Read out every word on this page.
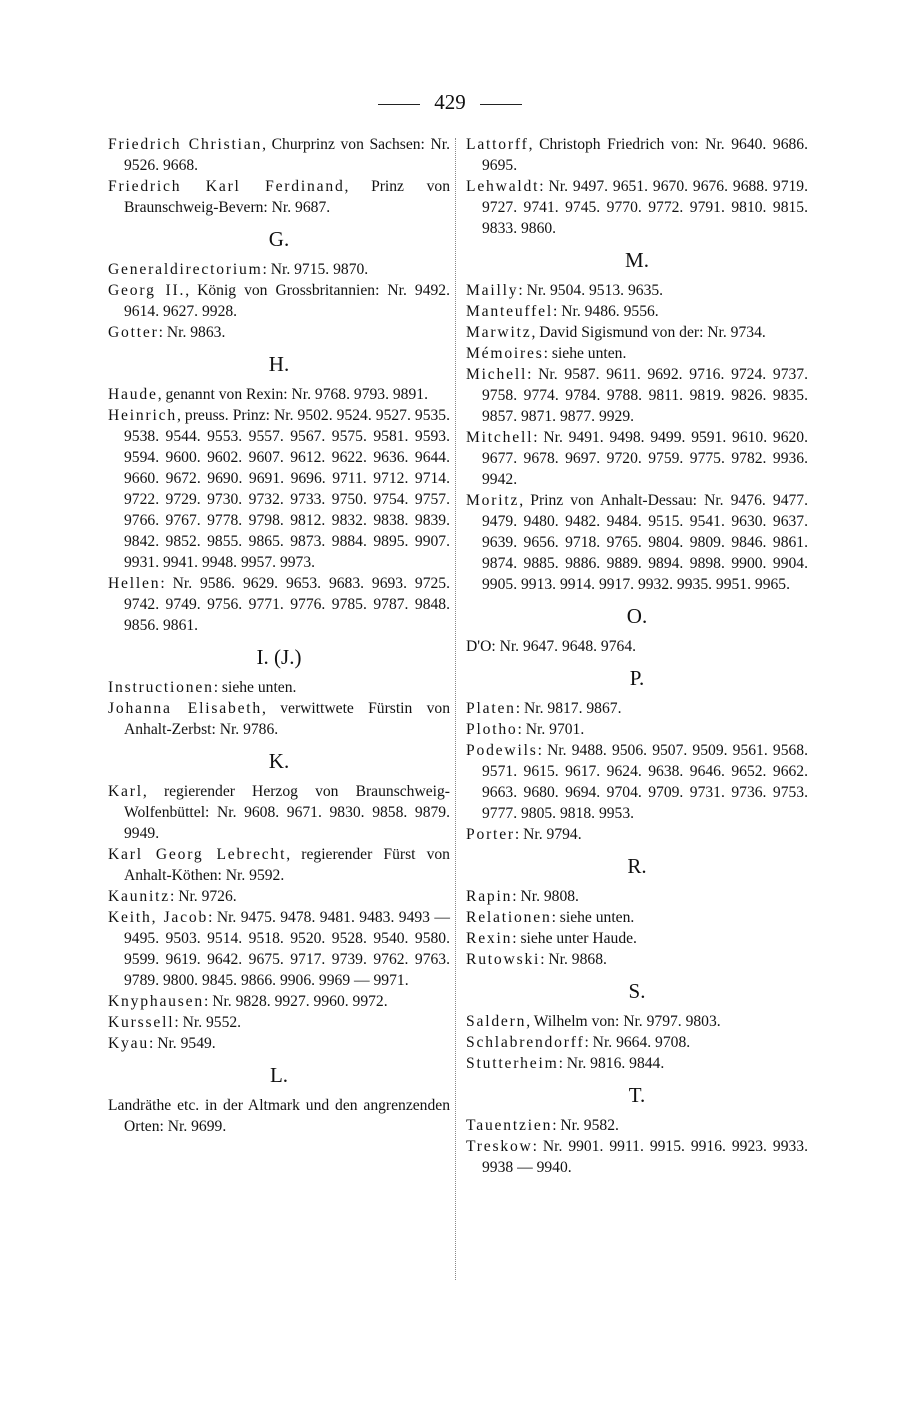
429
Friedrich Christian, Churprinz von Sachsen: Nr. 9526. 9668.
Friedrich Karl Ferdinand, Prinz von Braunschweig-Bevern: Nr. 9687.
G.
Generaldirectorium: Nr. 9715. 9870.
Georg II., König von Grossbritannien: Nr. 9492. 9614. 9627. 9928.
Gotter: Nr. 9863.
H.
Haude, genannt von Rexin: Nr. 9768. 9793. 9891.
Heinrich, preuss. Prinz: Nr. 9502. 9524. 9527. 9535. 9538. 9544. 9553. 9557. 9567. 9575. 9581. 9593. 9594. 9600. 9602. 9607. 9612. 9622. 9636. 9644. 9660. 9672. 9690. 9691. 9696. 9711. 9712. 9714. 9722. 9729. 9730. 9732. 9733. 9750. 9754. 9757. 9766. 9767. 9778. 9798. 9812. 9832. 9838. 9839. 9842. 9852. 9855. 9865. 9873. 9884. 9895. 9907. 9931. 9941. 9948. 9957. 9973.
Hellen: Nr. 9586. 9629. 9653. 9683. 9693. 9725. 9742. 9749. 9756. 9771. 9776. 9785. 9787. 9848. 9856. 9861.
I. (J.)
Instructionen: siehe unten.
Johanna Elisabeth, verwittwete Fürstin von Anhalt-Zerbst: Nr. 9786.
K.
Karl, regierender Herzog von Braunschweig-Wolfenbüttel: Nr. 9608. 9671. 9830. 9858. 9879. 9949.
Karl Georg Lebrecht, regierender Fürst von Anhalt-Köthen: Nr. 9592.
Kaunitz: Nr. 9726.
Keith, Jacob: Nr. 9475. 9478. 9481. 9483. 9493 — 9495. 9503. 9514. 9518. 9520. 9528. 9540. 9580. 9599. 9619. 9642. 9675. 9717. 9739. 9762. 9763. 9789. 9800. 9845. 9866. 9906. 9969 — 9971.
Knyphausen: Nr. 9828. 9927. 9960. 9972.
Kurssell: Nr. 9552.
Kyau: Nr. 9549.
L.
Landräthe etc. in der Altmark und den angrenzenden Orten: Nr. 9699.
Lattorff, Christoph Friedrich von: Nr. 9640. 9686. 9695.
Lehwaldt: Nr. 9497. 9651. 9670. 9676. 9688. 9719. 9727. 9741. 9745. 9770. 9772. 9791. 9810. 9815. 9833. 9860.
M.
Mailly: Nr. 9504. 9513. 9635.
Manteuffel: Nr. 9486. 9556.
Marwitz, David Sigismund von der: Nr. 9734.
Mémoires: siehe unten.
Michell: Nr. 9587. 9611. 9692. 9716. 9724. 9737. 9758. 9774. 9784. 9788. 9811. 9819. 9826. 9835. 9857. 9871. 9877. 9929.
Mitchell: Nr. 9491. 9498. 9499. 9591. 9610. 9620. 9677. 9678. 9697. 9720. 9759. 9775. 9782. 9936. 9942.
Moritz, Prinz von Anhalt-Dessau: Nr. 9476. 9477. 9479. 9480. 9482. 9484. 9515. 9541. 9630. 9637. 9639. 9656. 9718. 9765. 9804. 9809. 9846. 9861. 9874. 9885. 9886. 9889. 9894. 9898. 9900. 9904. 9905. 9913. 9914. 9917. 9932. 9935. 9951. 9965.
O.
D'O: Nr. 9647. 9648. 9764.
P.
Platen: Nr. 9817. 9867.
Plotho: Nr. 9701.
Podewils: Nr. 9488. 9506. 9507. 9509. 9561. 9568. 9571. 9615. 9617. 9624. 9638. 9646. 9652. 9662. 9663. 9680. 9694. 9704. 9709. 9731. 9736. 9753. 9777. 9805. 9818. 9953.
Porter: Nr. 9794.
R.
Rapin: Nr. 9808.
Relationen: siehe unten.
Rexin: siehe unter Haude.
Rutowski: Nr. 9868.
S.
Saldern, Wilhelm von: Nr. 9797. 9803.
Schlabrendorff: Nr. 9664. 9708.
Stutterheim: Nr. 9816. 9844.
T.
Tauentzien: Nr. 9582.
Treskow: Nr. 9901. 9911. 9915. 9916. 9923. 9933. 9938 — 9940.
